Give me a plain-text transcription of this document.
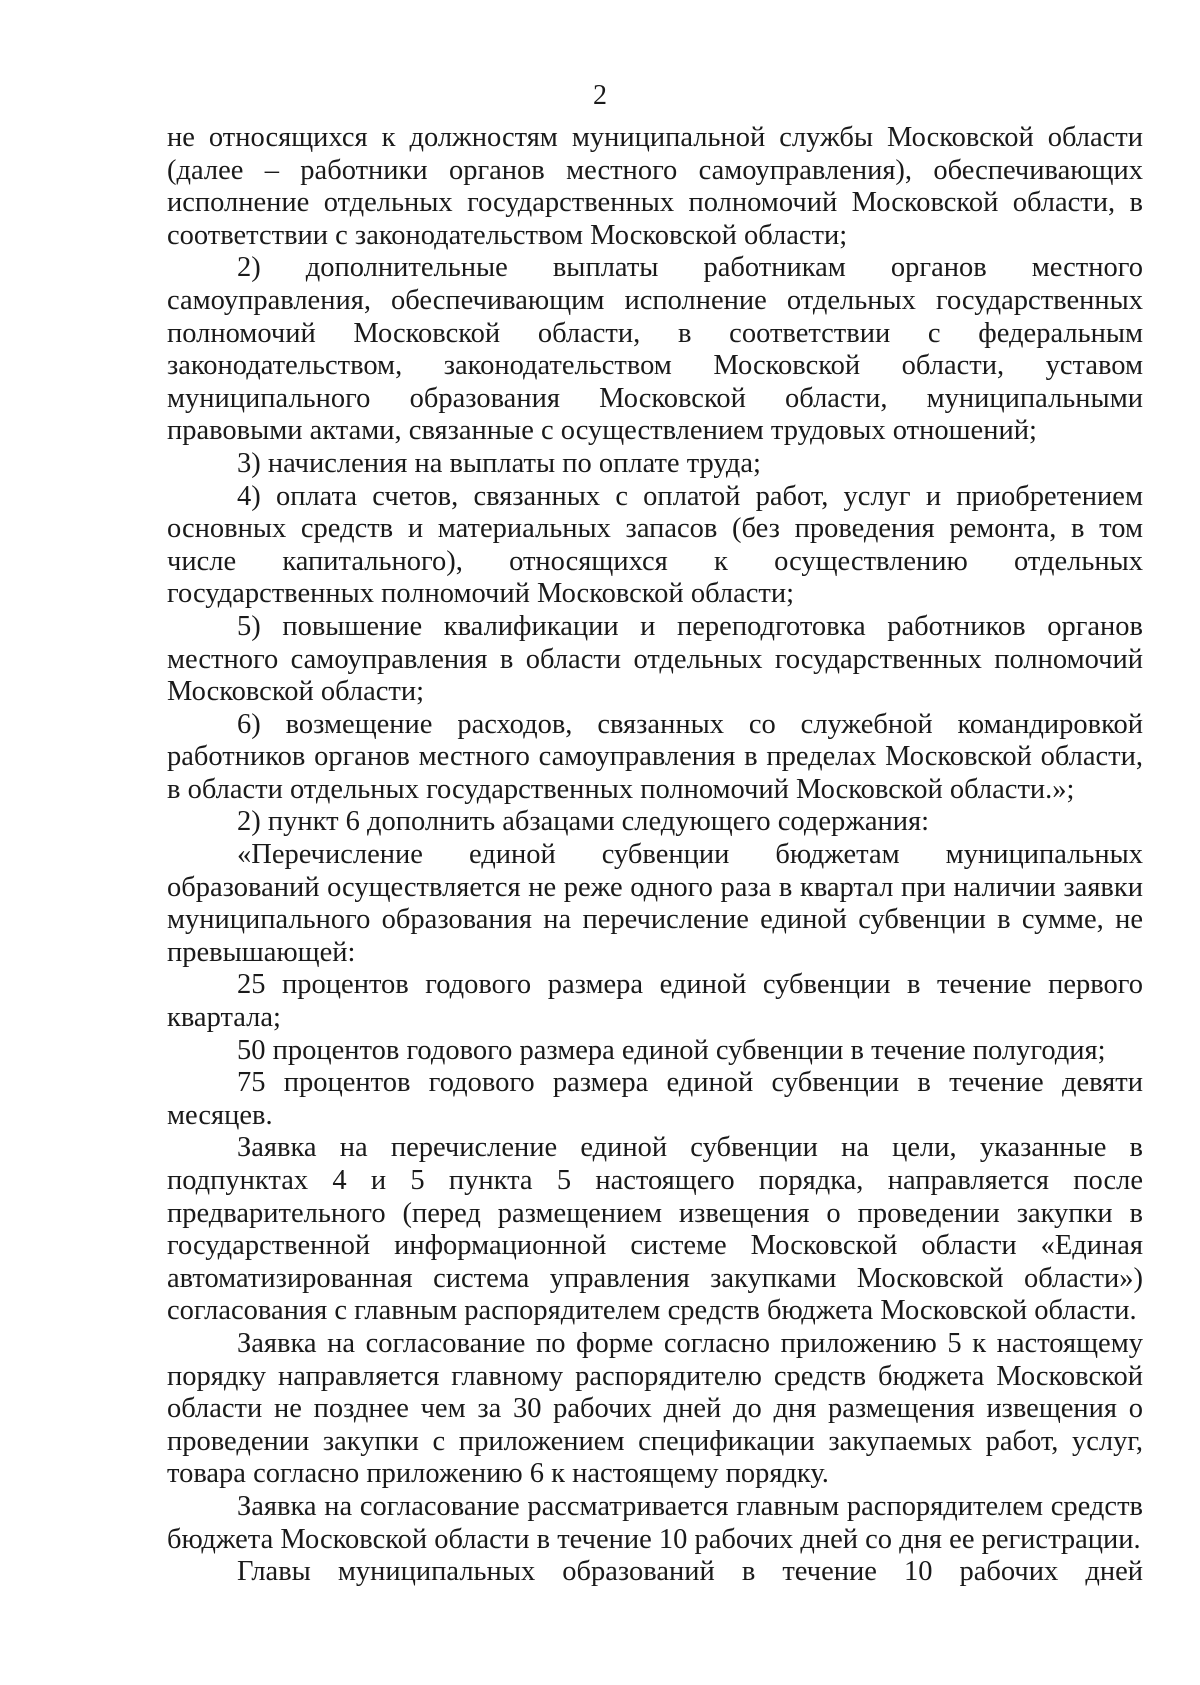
2

не относящихся к должностям муниципальной службы Московской области (далее – работники органов местного самоуправления), обеспечивающих исполнение отдельных государственных полномочий Московской области, в соответствии с законодательством Московской области;

2) дополнительные выплаты работникам органов местного самоуправления, обеспечивающим исполнение отдельных государственных полномочий Московской области, в соответствии с федеральным законодательством, законодательством Московской области, уставом муниципального образования Московской области, муниципальными правовыми актами, связанные с осуществлением трудовых отношений;

3) начисления на выплаты по оплате труда;

4) оплата счетов, связанных с оплатой работ, услуг и приобретением основных средств и материальных запасов (без проведения ремонта, в том числе капитального), относящихся к осуществлению отдельных государственных полномочий Московской области;

5) повышение квалификации и переподготовка работников органов местного самоуправления в области отдельных государственных полномочий Московской области;

6) возмещение расходов, связанных со служебной командировкой работников органов местного самоуправления в пределах Московской области, в области отдельных государственных полномочий Московской области.»;

2) пункт 6 дополнить абзацами следующего содержания:

«Перечисление единой субвенции бюджетам муниципальных образований осуществляется не реже одного раза в квартал при наличии заявки муниципального образования на перечисление единой субвенции в сумме, не превышающей:

25 процентов годового размера единой субвенции в течение первого квартала;

50 процентов годового размера единой субвенции в течение полугодия;

75 процентов годового размера единой субвенции в течение девяти месяцев.

Заявка на перечисление единой субвенции на цели, указанные в подпунктах 4 и 5 пункта 5 настоящего порядка, направляется после предварительного (перед размещением извещения о проведении закупки в государственной информационной системе Московской области «Единая автоматизированная система управления закупками Московской области») согласования с главным распорядителем средств бюджета Московской области.

Заявка на согласование по форме согласно приложению 5 к настоящему порядку направляется главному распорядителю средств бюджета Московской области не позднее чем за 30 рабочих дней до дня размещения извещения о проведении закупки с приложением спецификации закупаемых работ, услуг, товара согласно приложению 6 к настоящему порядку.

Заявка на согласование рассматривается главным распорядителем средств бюджета Московской области в течение 10 рабочих дней со дня ее регистрации.

Главы муниципальных образований в течение 10 рабочих дней
